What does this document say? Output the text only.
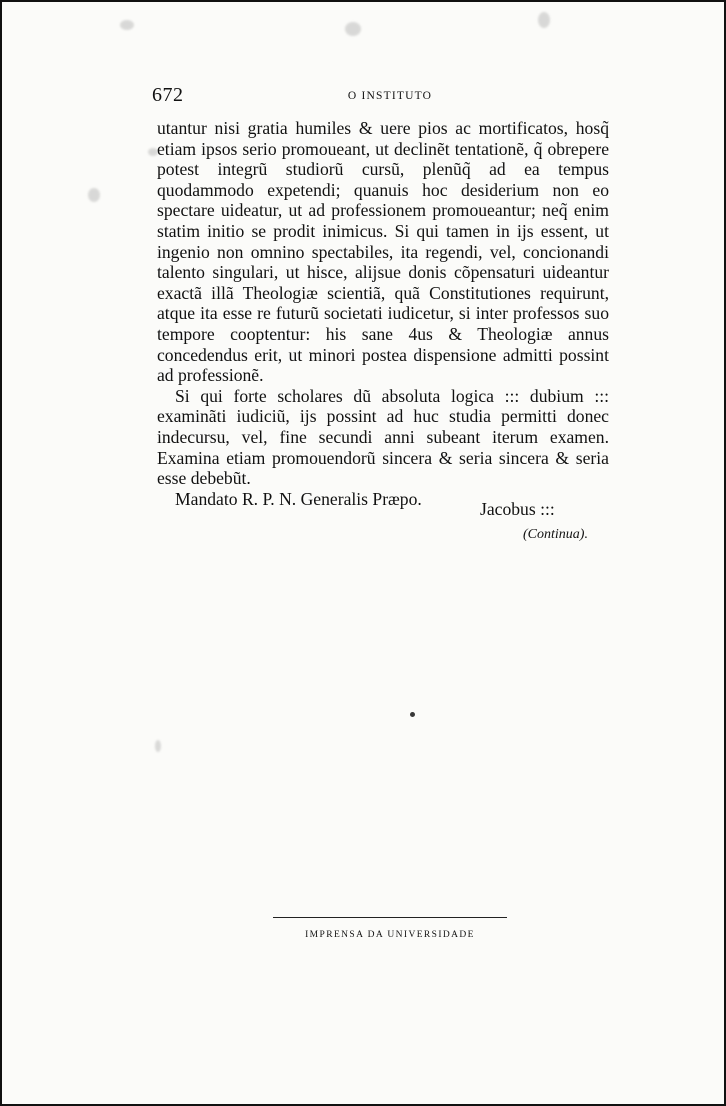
672	O INSTITUTO

utantur nisi gratia humiles & uere pios ac mortificatos, hosq̃ etiam ipsos serio promoueant, ut declinẽt tentationẽ, q̃ obrepere potest integrũ studiorũ cursũ, plenũq̃ ad ea tempus quodammodo expetendi; quanuis hoc desiderium non eo spectare uideatur, ut ad professionem promoueantur; neq̃ enim statim initio se prodit inimicus. Si qui tamen in ijs essent, ut ingenio non omnino spectabiles, ita regendi, vel, concionandi talento singulari, ut hisce, alijsue donis cõpensaturi uideantur exactã illã Theologiæ scientiã, quã Constitutiones requirunt, atque ita esse re futurũ societati iudicetur, si inter professos suo tempore cooptentur: his sane 4us & Theologiæ annus concedendus erit, ut minori postea dispensione admitti possint ad professionẽ.

Si qui forte scholares dũ absoluta logica ::: dubium ::: examinãti iudiciũ, ijs possint ad huc studia permitti donec indecursu, vel, fine secundi anni subeant iterum examen. Examina etiam promouendorũ sincera & seria sincera & seria esse debebũt.

Mandato R. P. N. Generalis Præpo.

Jacobus :::
(Continua).
IMPRENSA DA UNIVERSIDADE
